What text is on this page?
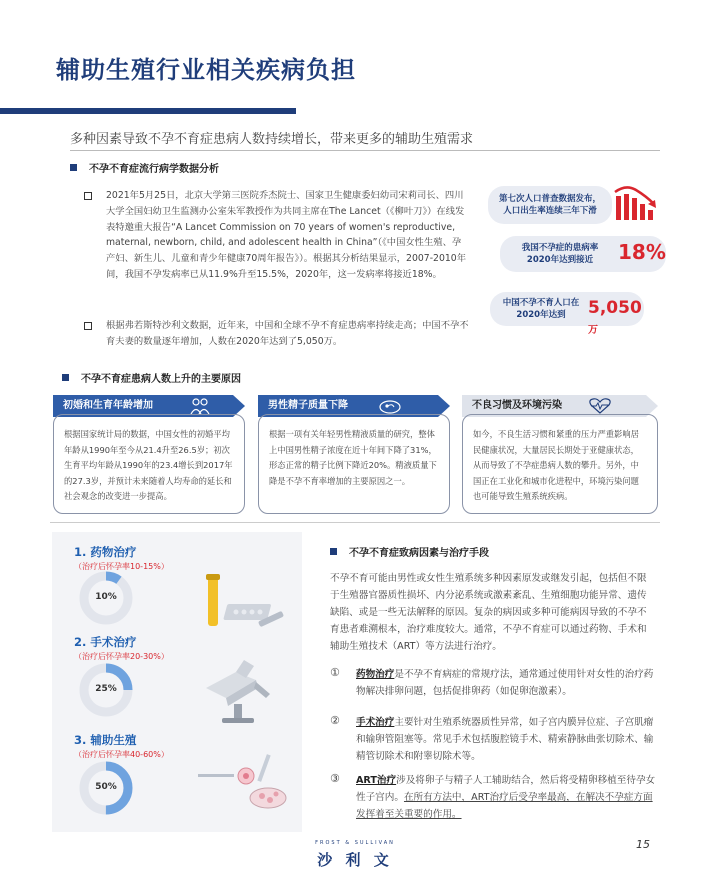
辅助生殖行业相关疾病负担
多种因素导致不孕不育症患病人数持续增长，带来更多的辅助生殖需求
不孕不育症流行病学数据分析
2021年5月25日，北京大学第三医院乔杰院士、国家卫生健康委妇幼司宋莉司长、四川大学全国妇幼卫生监测办公室朱军教授作为共同主席在The Lancet（《柳叶刀》）在线发表特邀重大报告“A Lancet Commission on 70 years of women's reproductive, maternal, newborn, child, and adolescent health in China”（《中国女性生殖、孕产妇、新生儿、儿童和青少年健康70周年报告》）。根据其分析结果显示，2007-2010年间，我国不孕发病率已从11.9%升至15.5%，2020年，这一发病率将接近18%。
根据弗若斯特沙利文数据，近年来，中国和全球不孕不育症患病率持续走高；中国不孕不育夫妻的数量逐年增加，人数在2020年达到了5,050万。
第七次人口普查数据发布，
人口出生率连续三年下滑
我国不孕症的患病率
2020年达到接近	18%
中国不孕不育人口在
2020年达到	5,050万
不孕不育症患病人数上升的主要原因
初婚和生育年龄增加
根据国家统计局的数据，中国女性的初婚平均年龄从1990年至今从21.4升至26.5岁；初次生育平均年龄从1990年的23.4增长到2017年的27.3岁，并预计未来随着人均寿命的延长和社会观念的改变进一步提高。
男性精子质量下降
根据一项有关年轻男性精液质量的研究，整体上中国男性精子浓度在近十年间下降了31%，形态正常的精子比例下降近20%。精液质量下降是不孕不育率增加的主要原因之一。
不良习惯及环境污染
如今，不良生活习惯和紧重的压力严重影响居民健康状况，大量居民长期处于亚健康状态，从而导致了不孕症患病人数的攀升。另外，中国正在工业化和城市化进程中，环境污染问题也可能导致生殖系统疾病。
1. 药物治疗
（治疗后怀孕率10-15%）
10%
2. 手术治疗
（治疗后怀孕率20-30%）
25%
3. 辅助生殖
（治疗后怀孕率40-60%）
50%
不孕不育症致病因素与治疗手段
不孕不育可能由男性或女性生殖系统多种因素原发或继发引起，包括但不限于生殖器官器质性损坏、内分泌系统或激素紊乱、生殖细胞功能异常、遗传缺陷、或是一些无法解释的原因。复杂的病因或多种可能病因导致的不孕不育患者难溯根本，治疗难度较大。通常，不孕不育症可以通过药物、手术和辅助生殖技术（ART）等方法进行治疗。
① 药物治疗是不孕不育病症的常规疗法，通常通过使用针对女性的治疗药物解决排卵问题，包括促排卵药（如促卵泡激素）。
② 手术治疗主要针对生殖系统器质性异常，如子宫内膜异位症、子宫肌瘤和输卵管阻塞等。常见手术包括腹腔镜手术、精索静脉曲张切除术、输精管切除术和附睾切除术等。
③ ART治疗涉及将卵子与精子人工辅助结合，然后将受精卵移植至待孕女性子宫内。在所有方法中，ART治疗后受孕率最高，在解决不孕症方面发挥着至关重要的作用。
FROST & SULLIVAN
沙 利 文
15
